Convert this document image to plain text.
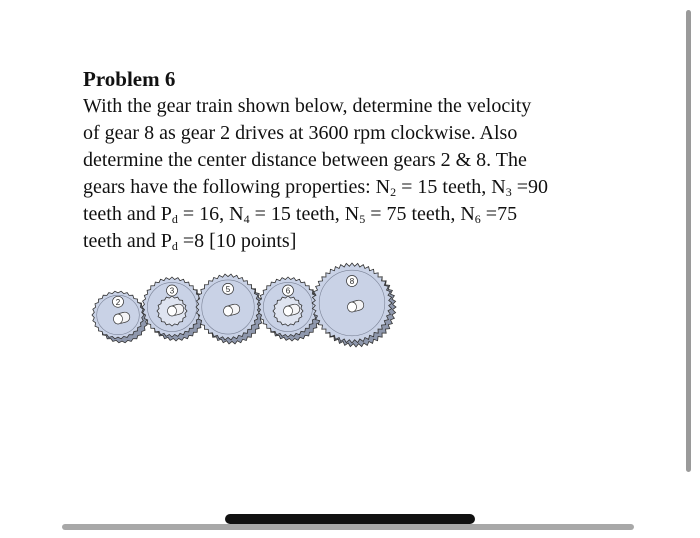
Problem 6

With the gear train shown below, determine the velocity
of gear 8 as gear 2 drives at 3600 rpm clockwise. Also
determine the center distance between gears 2 & 8. The
gears have the following properties: $N_2 = 15$ teeth, $N_3 =90$
teeth and $P_d = 16$, $N_4 = 15$ teeth, $N_5 = 75$ teeth, $N_6 =75$
teeth and $P_d =8$ [10 points]

2
3	5	6
8
